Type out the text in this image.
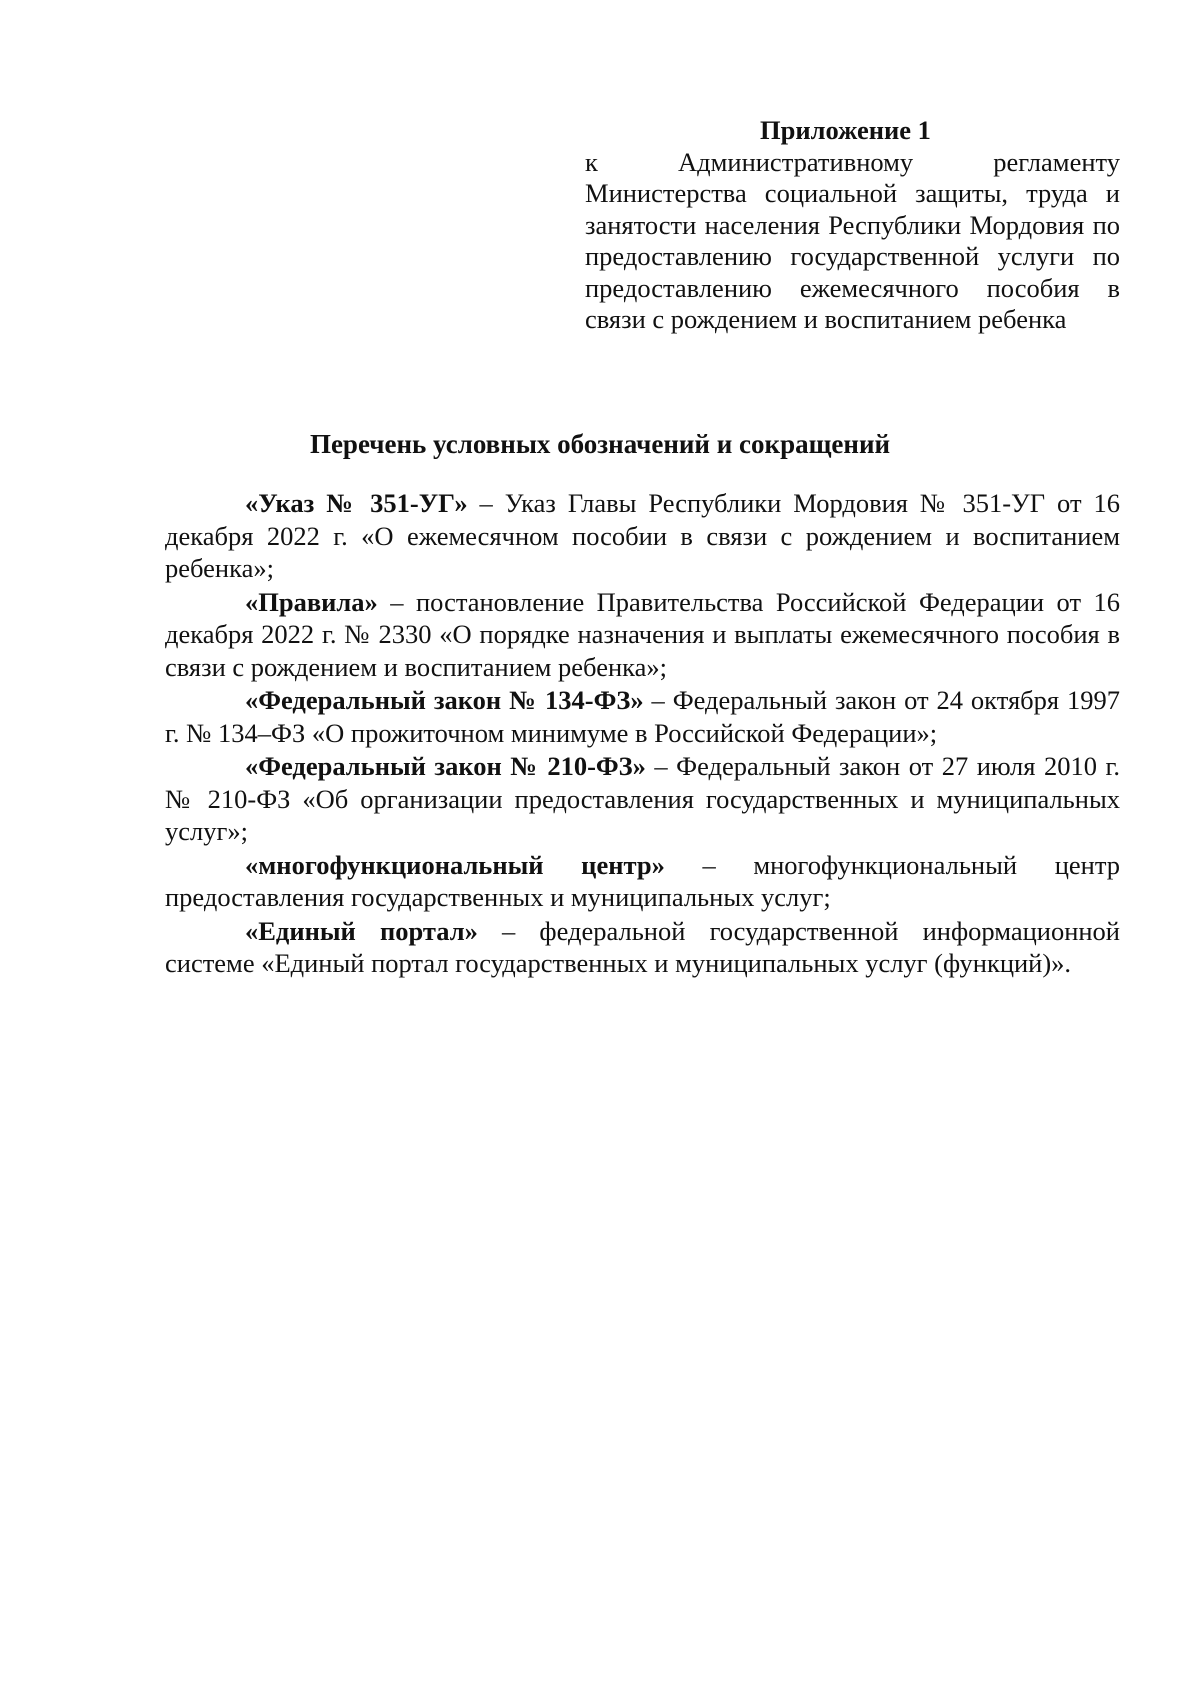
Приложение 1
к Административному регламенту Министерства социальной защиты, труда и занятости населения Республики Мордовия по предоставлению государственной услуги по предоставлению ежемесячного пособия в связи с рождением и воспитанием ребенка
Перечень условных обозначений и сокращений

«Указ № 351-УГ» – Указ Главы Республики Мордовия № 351-УГ от 16 декабря 2022 г. «О ежемесячном пособии в связи с рождением и воспитанием ребенка»;

«Правила» – постановление Правительства Российской Федерации от 16 декабря 2022 г. № 2330 «О порядке назначения и выплаты ежемесячного пособия в связи с рождением и воспитанием ребенка»;

«Федеральный закон № 134-ФЗ» – Федеральный закон от 24 октября 1997 г. № 134–ФЗ «О прожиточном минимуме в Российской Федерации»;

«Федеральный закон № 210-ФЗ» – Федеральный закон от 27 июля 2010 г. № 210-ФЗ «Об организации предоставления государственных и муниципальных услуг»;

«многофункциональный центр» – многофункциональный центр предоставления государственных и муниципальных услуг;

«Единый портал» – федеральной государственной информационной системе «Единый портал государственных и муниципальных услуг (функций)».
